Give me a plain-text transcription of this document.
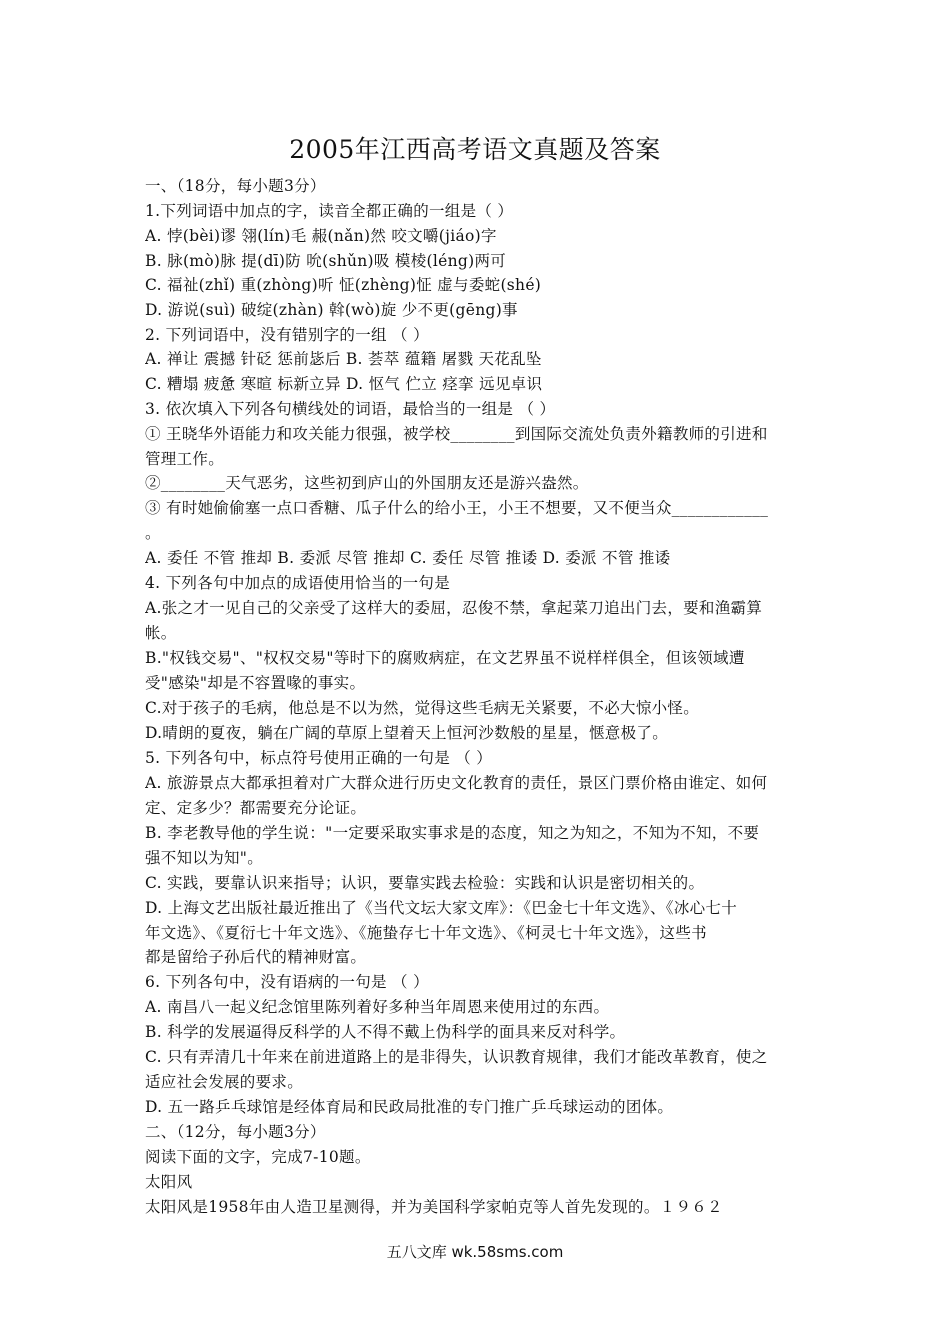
2005年江西高考语文真题及答案
一、（18分，每小题3分）
1.下列词语中加点的字，读音全都正确的一组是（ ）
A. 悖(bèi)谬 翎(lín)毛 赧(nǎn)然 咬文嚼(jiáo)字
B. 脉(mò)脉 提(dī)防 吮(shǔn)吸 模棱(léng)两可
C. 福祉(zhǐ) 重(zhòng)听 怔(zhèng)怔 虚与委蛇(shé)
D. 游说(suì) 破绽(zhàn) 斡(wò)旋 少不更(gēng)事
2. 下列词语中，没有错别字的一组 （ ）
A. 禅让 震撼 针砭 惩前毖后 B. 荟萃 蕴籍 屠戮 天花乱坠
C. 糟塌 疲惫 寒暄 标新立异 D. 怄气 伫立 痉挛 远见卓识
3. 依次填入下列各句横线处的词语，最恰当的一组是 （ ）
① 王晓华外语能力和攻关能力很强，被学校________到国际交流处负责外籍教师的引进和
管理工作。
②________天气恶劣，这些初到庐山的外国朋友还是游兴盎然。
③ 有时她偷偷塞一点口香糖、瓜子什么的给小王，小王不想要，又不便当众____________
。
A. 委任 不管 推却 B. 委派 尽管 推却 C. 委任 尽管 推诿 D. 委派 不管 推诿
4. 下列各句中加点的成语使用恰当的一句是
A.张之才一见自己的父亲受了这样大的委屈，忍俊不禁，拿起菜刀追出门去，要和渔霸算
帐。
B."权钱交易"、"权权交易"等时下的腐败病症，在文艺界虽不说样样俱全，但该领域遭
受"感染"却是不容置喙的事实。
C.对于孩子的毛病，他总是不以为然，觉得这些毛病无关紧要，不必大惊小怪。
D.晴朗的夏夜，躺在广阔的草原上望着天上恒河沙数般的星星，惬意极了。
5. 下列各句中，标点符号使用正确的一句是 （ ）
A. 旅游景点大都承担着对广大群众进行历史文化教育的责任，景区门票价格由谁定、如何
定、定多少？都需要充分论证。
B. 李老教导他的学生说："一定要采取实事求是的态度，知之为知之，不知为不知，不要
强不知以为知"。
C. 实践，要靠认识来指导；认识，要靠实践去检验：实践和认识是密切相关的。
D. 上海文艺出版社最近推出了《当代文坛大家文库》：《巴金七十年文选》、《冰心七十
年文选》、《夏衍七十年文选》、《施蛰存七十年文选》、《柯灵七十年文选》，这些书
都是留给子孙后代的精神财富。
6. 下列各句中，没有语病的一句是 （ ）
A. 南昌八一起义纪念馆里陈列着好多种当年周恩来使用过的东西。
B. 科学的发展逼得反科学的人不得不戴上伪科学的面具来反对科学。
C. 只有弄清几十年来在前进道路上的是非得失，认识教育规律，我们才能改革教育，使之
适应社会发展的要求。
D. 五一路乒乓球馆是经体育局和民政局批准的专门推广乒乓球运动的团体。
二、（12分，每小题3分）
阅读下面的文字，完成7-10题。
太阳风
太阳风是1958年由人造卫星测得，并为美国科学家帕克等人首先发现的。１９６２
五八文库 wk.58sms.com
